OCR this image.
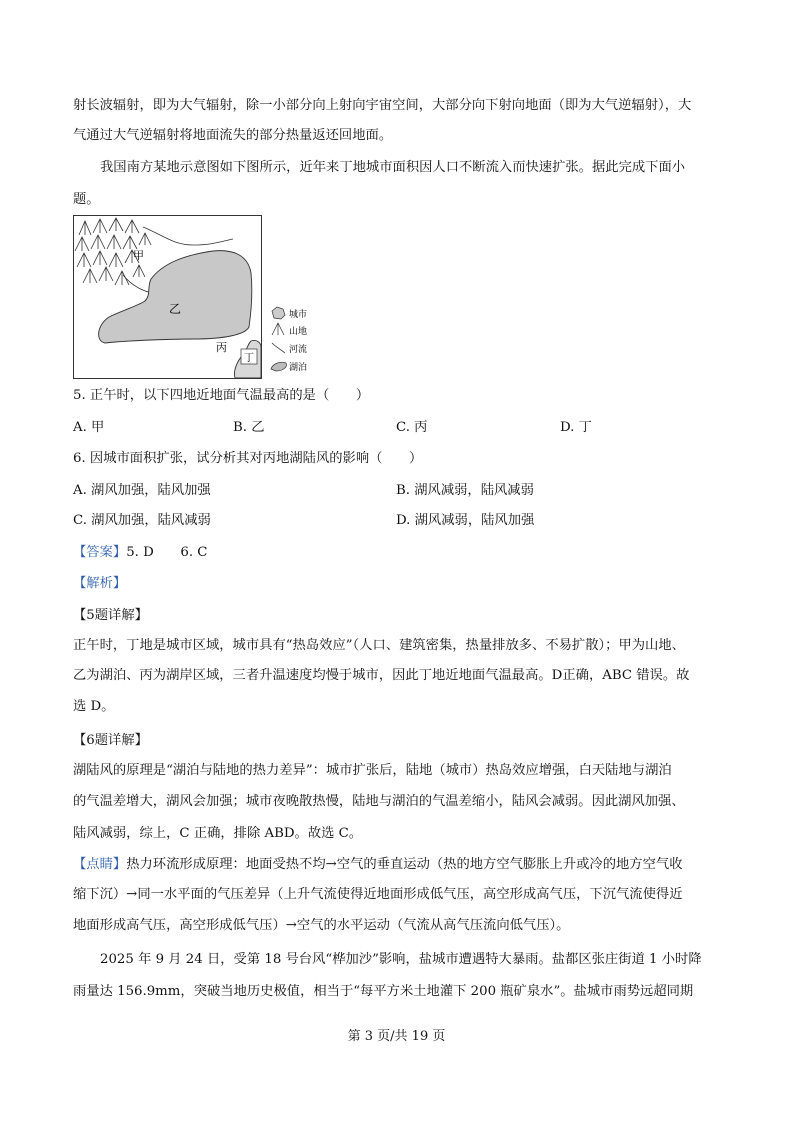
射长波辐射，即为大气辐射，除一小部分向上射向宇宙空间，大部分向下射向地面（即为大气逆辐射），大
气通过大气逆辐射将地面流失的部分热量返还回地面。
我国南方某地示意图如下图所示，近年来丁地城市面积因人口不断流入而快速扩张。据此完成下面小
题。
甲
乙
丙
丁
城市
山地
河流
湖泊
5. 正午时，以下四地近地面气温最高的是（　　）
A. 甲	B. 乙	C. 丙	D. 丁
6. 因城市面积扩张，试分析其对丙地湖陆风的影响（　　）
A. 湖风加强，陆风加强	B. 湖风减弱，陆风减弱
C. 湖风加强，陆风减弱	D. 湖风减弱，陆风加强
【答案】5. D　　6. C
【解析】
【5题详解】
正午时，丁地是城市区域，城市具有“热岛效应”（人口、建筑密集，热量排放多、不易扩散）；甲为山地、
乙为湖泊、丙为湖岸区域，三者升温速度均慢于城市，因此丁地近地面气温最高。D正确，ABC 错误。故
选 D。
【6题详解】
湖陆风的原理是“湖泊与陆地的热力差异”：城市扩张后，陆地（城市）热岛效应增强，白天陆地与湖泊
的气温差增大，湖风会加强；城市夜晚散热慢，陆地与湖泊的气温差缩小，陆风会减弱。因此湖风加强、
陆风减弱，综上，C 正确，排除 ABD。故选 C。
【点睛】热力环流形成原理：地面受热不均→空气的垂直运动（热的地方空气膨胀上升或冷的地方空气收
缩下沉）→同一水平面的气压差异（上升气流使得近地面形成低气压，高空形成高气压，下沉气流使得近
地面形成高气压，高空形成低气压）→空气的水平运动（气流从高气压流向低气压）。
2025 年 9 月 24 日，受第 18 号台风“桦加沙”影响，盐城市遭遇特大暴雨。盐都区张庄街道 1 小时降
雨量达 156.9mm，突破当地历史极值，相当于“每平方米土地灌下 200 瓶矿泉水”。盐城市雨势远超同期
第 3 页/共 19 页
